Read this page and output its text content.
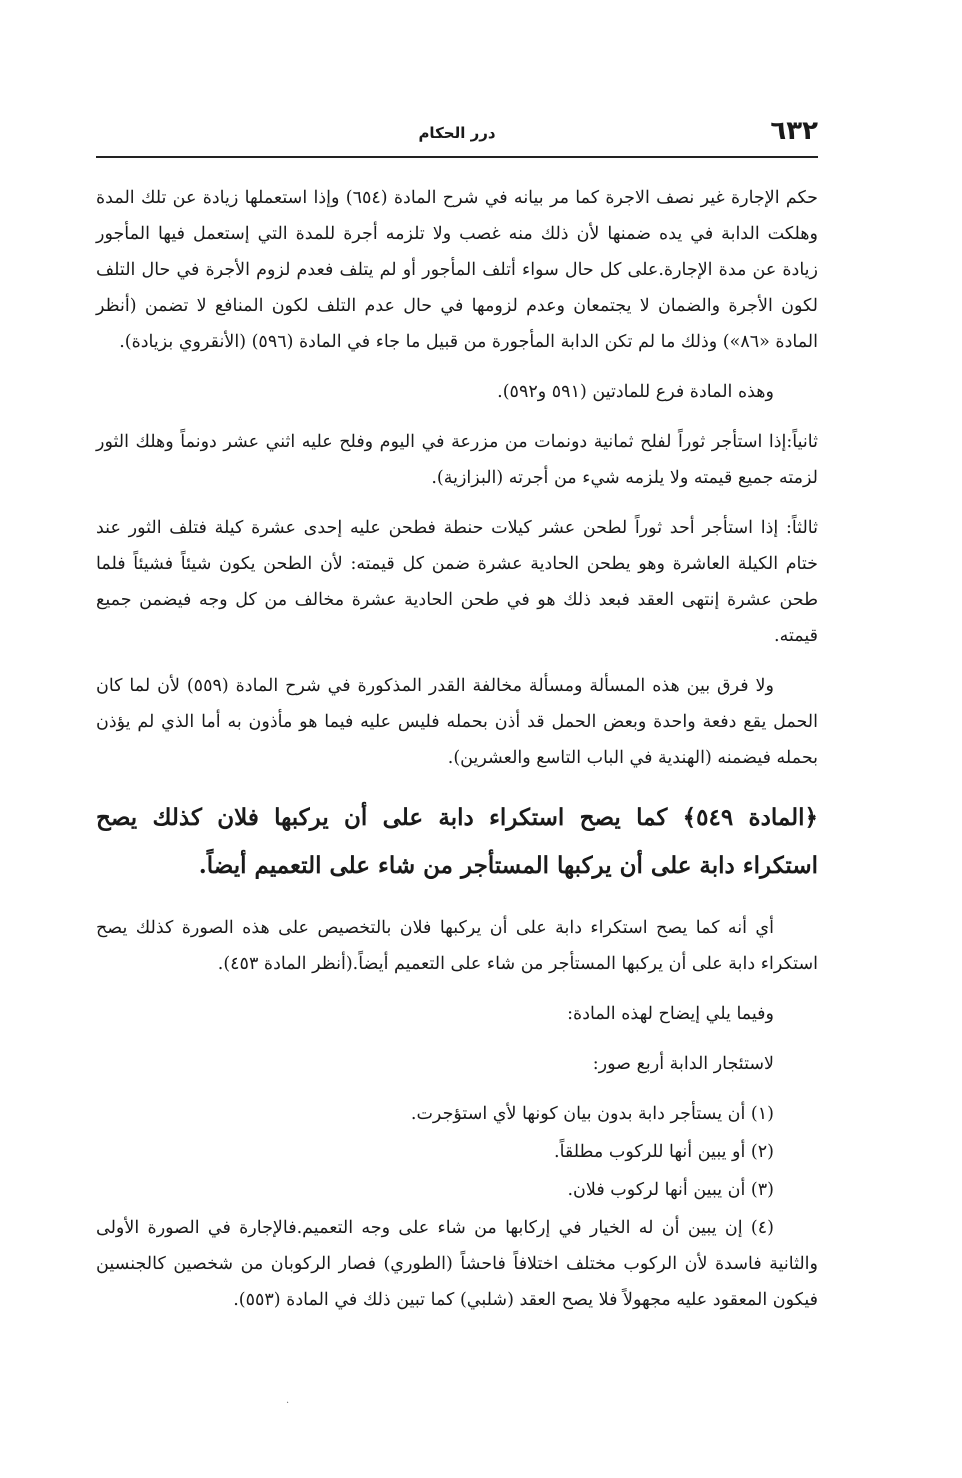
٦٣٢
درر الحكام

حكم الإجارة غير نصف الاجرة كما مر بيانه في شرح المادة (٦٥٤) وإذا استعملها زيادة عن تلك المدة وهلكت الدابة في يده ضمنها لأن ذلك منه غصب ولا تلزمه أجرة للمدة التي إستعمل فيها المأجور زيادة عن مدة الإجارة.على كل حال سواء أتلف المأجور أو لم يتلف فعدم لزوم الأجرة في حال التلف لكون الأجرة والضمان لا يجتمعان وعدم لزومها في حال عدم التلف لكون المنافع لا تضمن (أنظر المادة «٨٦») وذلك ما لم تكن الدابة المأجورة من قبيل ما جاء في المادة (٥٩٦) (الأنقروي بزيادة).

وهذه المادة فرع للمادتين (٥٩١ و٥٩٢).

ثانياً:إذا استأجر ثوراً لفلح ثمانية دونمات من مزرعة في اليوم وفلح عليه اثني عشر دونماً وهلك الثور لزمته جميع قيمته ولا يلزمه شيء من أجرته (البزازية).

ثالثاً: إذا استأجر أحد ثوراً لطحن عشر كيلات حنطة فطحن عليه إحدى عشرة كيلة فتلف الثور عند ختام الكيلة العاشرة وهو يطحن الحادية عشرة ضمن كل قيمته: لأن الطحن يكون شيئاً فشيئاً فلما طحن عشرة إنتهى العقد فبعد ذلك هو في طحن الحادية عشرة مخالف من كل وجه فيضمن جميع قيمته.

ولا فرق بين هذه المسألة ومسألة مخالفة القدر المذكورة في شرح المادة (٥٥٩) لأن لما كان الحمل يقع دفعة واحدة وبعض الحمل قد أذن بحمله فليس عليه فيما هو مأذون به أما الذي لم يؤذن بحمله فيضمنه (الهندية في الباب التاسع والعشرين).

﴿المادة ٥٤٩﴾ كما يصح استكراء دابة على أن يركبها فلان كذلك يصح استكراء دابة على أن يركبها المستأجر من شاء على التعميم أيضاً.

أي أنه كما يصح استكراء دابة على أن يركبها فلان بالتخصيص على هذه الصورة كذلك يصح استكراء دابة على أن يركبها المستأجر من شاء على التعميم أيضاً.(أنظر المادة ٤٥٣).

وفيما يلي إيضاح لهذه المادة:

لاستئجار الدابة أربع صور:

(١) أن يستأجر دابة بدون بيان كونها لأي استؤجرت.

(٢) أو يبين أنها للركوب مطلقاً.

(٣) أن يبين أنها لركوب فلان.

(٤) إن يبين أن له الخيار في إركابها من شاء على وجه التعميم.فالإجارة في الصورة الأولى والثانية فاسدة لأن الركوب مختلف اختلافاً فاحشاً (الطوري) فصار الركوبان من شخصين كالجنسين فيكون المعقود عليه مجهولاً فلا يصح العقد (شلبي) كما تبين ذلك في المادة (٥٥٣).

·
